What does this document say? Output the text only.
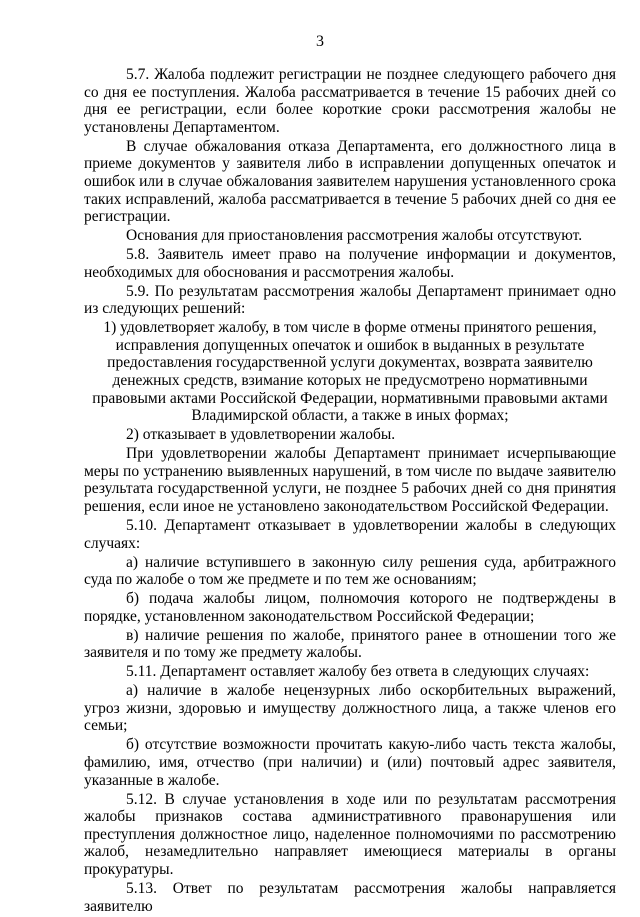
3

5.7. Жалоба подлежит регистрации не позднее следующего рабочего дня со дня ее поступления. Жалоба рассматривается в течение 15 рабочих дней со дня ее регистрации, если более короткие сроки рассмотрения жалобы не установлены Департаментом.

В случае обжалования отказа Департамента, его должностного лица в приеме документов у заявителя либо в исправлении допущенных опечаток и ошибок или в случае обжалования заявителем нарушения установленного срока таких исправлений, жалоба рассматривается в течение 5 рабочих дней со дня ее регистрации.

Основания для приостановления рассмотрения жалобы отсутствуют.

5.8. Заявитель имеет право на получение информации и документов, необходимых для обоснования и рассмотрения жалобы.

5.9. По результатам рассмотрения жалобы Департамент принимает одно из следующих решений:

1) удовлетворяет жалобу, в том числе в форме отмены принятого решения, исправления допущенных опечаток и ошибок в выданных в результате предоставления государственной услуги документах, возврата заявителю денежных средств, взимание которых не предусмотрено нормативными правовыми актами Российской Федерации, нормативными правовыми актами Владимирской области, а также в иных формах;

2) отказывает в удовлетворении жалобы.

При удовлетворении жалобы Департамент принимает исчерпывающие меры по устранению выявленных нарушений, в том числе по выдаче заявителю результата государственной услуги, не позднее 5 рабочих дней со дня принятия решения, если иное не установлено законодательством Российской Федерации.

5.10. Департамент отказывает в удовлетворении жалобы в следующих случаях:

а) наличие вступившего в законную силу решения суда, арбитражного суда по жалобе о том же предмете и по тем же основаниям;

б) подача жалобы лицом, полномочия которого не подтверждены в порядке, установленном законодательством Российской Федерации;

в) наличие решения по жалобе, принятого ранее в отношении того же заявителя и по тому же предмету жалобы.

5.11. Департамент оставляет жалобу без ответа в следующих случаях:

а) наличие в жалобе нецензурных либо оскорбительных выражений, угроз жизни, здоровью и имуществу должностного лица, а также членов его семьи;

б) отсутствие возможности прочитать какую-либо часть текста жалобы, фамилию, имя, отчество (при наличии) и (или) почтовый адрес заявителя, указанные в жалобе.

5.12. В случае установления в ходе или по результатам рассмотрения жалобы признаков состава административного правонарушения или преступления должностное лицо, наделенное полномочиями по рассмотрению жалоб, незамедлительно направляет имеющиеся материалы в органы прокуратуры.

5.13. Ответ по результатам рассмотрения жалобы направляется заявителю
